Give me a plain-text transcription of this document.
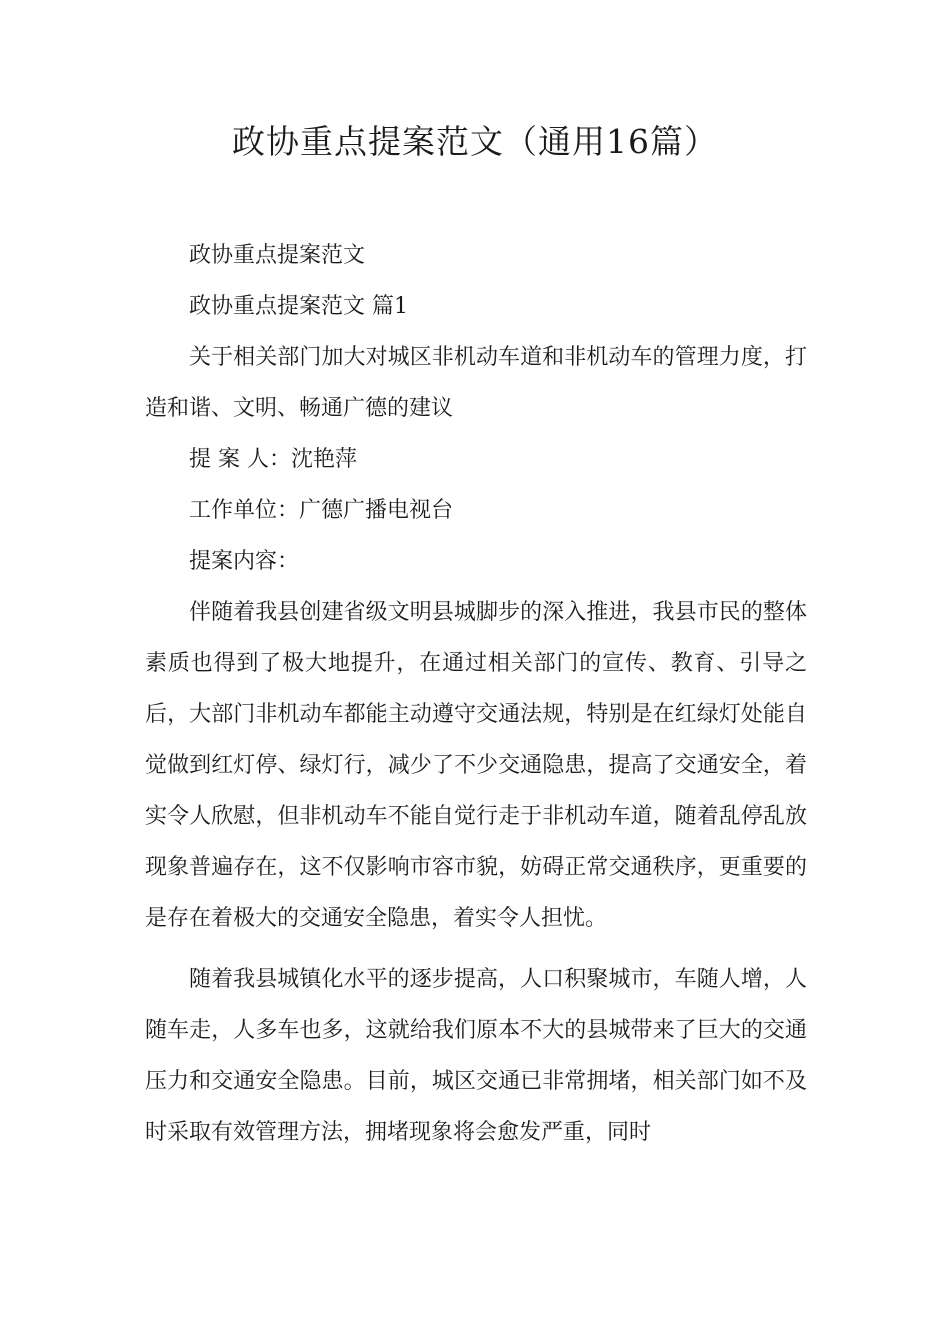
政协重点提案范文（通用16篇）

政协重点提案范文

政协重点提案范文 篇1

关于相关部门加大对城区非机动车道和非机动车的管理力度，打造和谐、文明、畅通广德的建议

提 案 人：沈艳萍

工作单位：广德广播电视台

提案内容：

伴随着我县创建省级文明县城脚步的深入推进，我县市民的整体素质也得到了极大地提升，在通过相关部门的宣传、教育、引导之后，大部门非机动车都能主动遵守交通法规，特别是在红绿灯处能自觉做到红灯停、绿灯行，减少了不少交通隐患，提高了交通安全，着实令人欣慰，但非机动车不能自觉行走于非机动车道，随着乱停乱放现象普遍存在，这不仅影响市容市貌，妨碍正常交通秩序，更重要的是存在着极大的交通安全隐患，着实令人担忧。

随着我县城镇化水平的逐步提高，人口积聚城市，车随人增，人随车走，人多车也多，这就给我们原本不大的县城带来了巨大的交通压力和交通安全隐患。目前，城区交通已非常拥堵，相关部门如不及时采取有效管理方法，拥堵现象将会愈发严重，同时
